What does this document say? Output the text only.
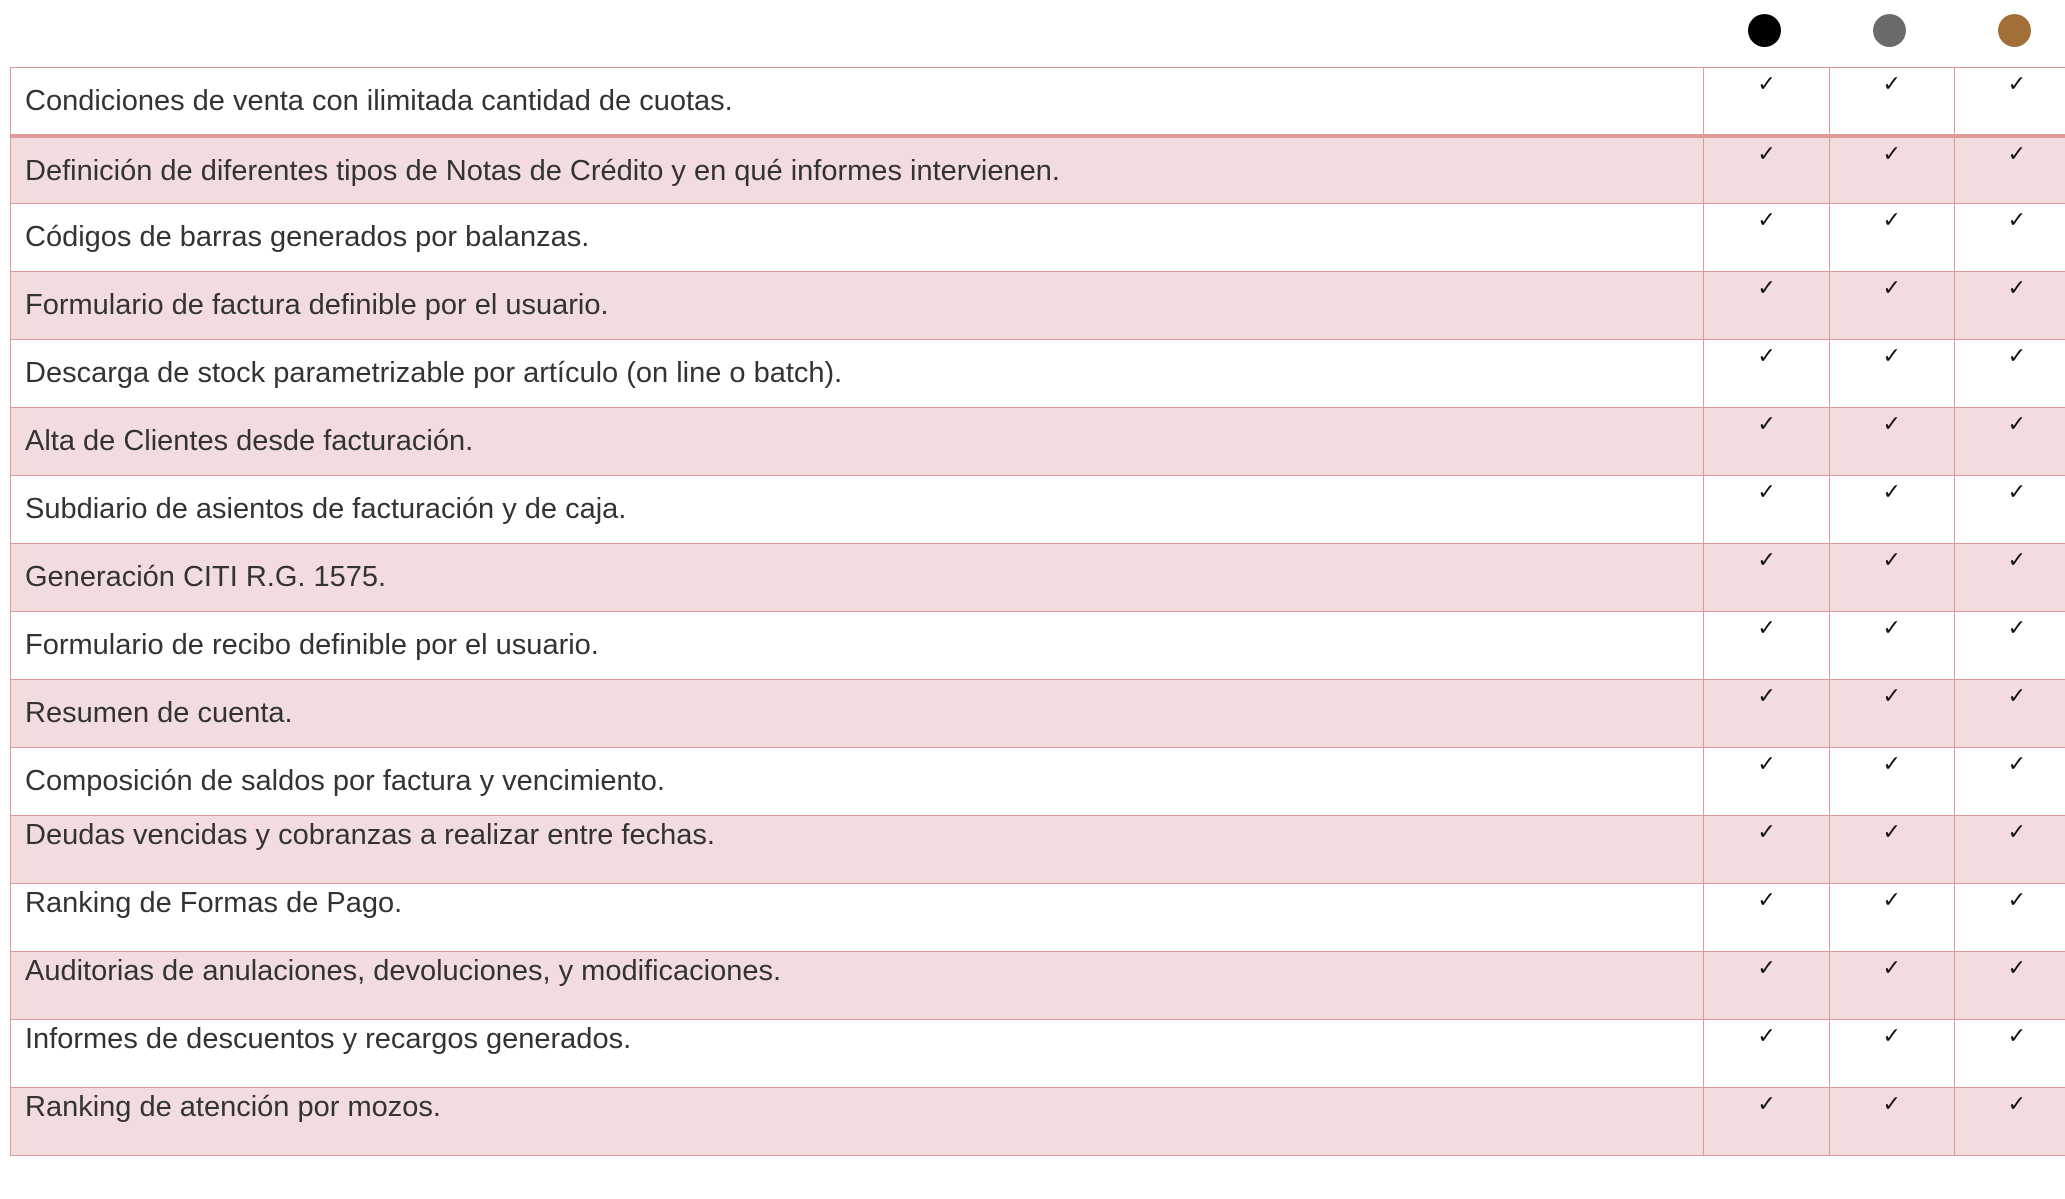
Condiciones de venta con ilimitada cantidad de cuotas.	✓	✓	✓

Definición de diferentes tipos de Notas de Crédito y en qué informes intervienen.	✓	✓	✓

Códigos de barras generados por balanzas.	✓	✓	✓

Formulario de factura definible por el usuario.	✓	✓	✓

Descarga de stock parametrizable por artículo (on line o batch).	✓	✓	✓

Alta de Clientes desde facturación.	✓	✓	✓

Subdiario de asientos de facturación y de caja.	✓	✓	✓

Generación CITI R.G. 1575.	✓	✓	✓

Formulario de recibo definible por el usuario.	✓	✓	✓

Resumen de cuenta.	✓	✓	✓

Composición de saldos por factura y vencimiento.	✓	✓	✓

Deudas vencidas y cobranzas a realizar entre fechas.	✓	✓	✓

Ranking de Formas de Pago.	✓	✓	✓

Auditorias de anulaciones, devoluciones, y modificaciones.	✓	✓	✓

Informes de descuentos y recargos generados.	✓	✓	✓

Ranking de atención por mozos.	✓	✓	✓
